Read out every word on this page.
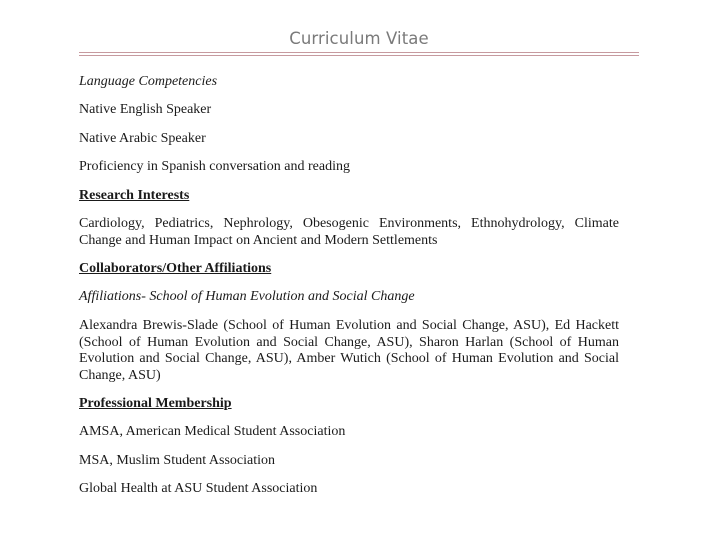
Curriculum Vitae
Language Competencies
Native English Speaker
Native Arabic Speaker
Proficiency in Spanish conversation and reading
Research Interests
Cardiology, Pediatrics, Nephrology, Obesogenic Environments, Ethnohydrology, Climate Change and Human Impact on Ancient and Modern Settlements
Collaborators/Other Affiliations
Affiliations- School of Human Evolution and Social Change
Alexandra Brewis-Slade (School of Human Evolution and Social Change, ASU), Ed Hackett (School of Human Evolution and Social Change, ASU), Sharon Harlan (School of Human Evolution and Social Change, ASU), Amber Wutich (School of Human Evolution and Social Change, ASU)
Professional Membership
AMSA, American Medical Student Association
MSA, Muslim Student Association
Global Health at ASU Student Association
